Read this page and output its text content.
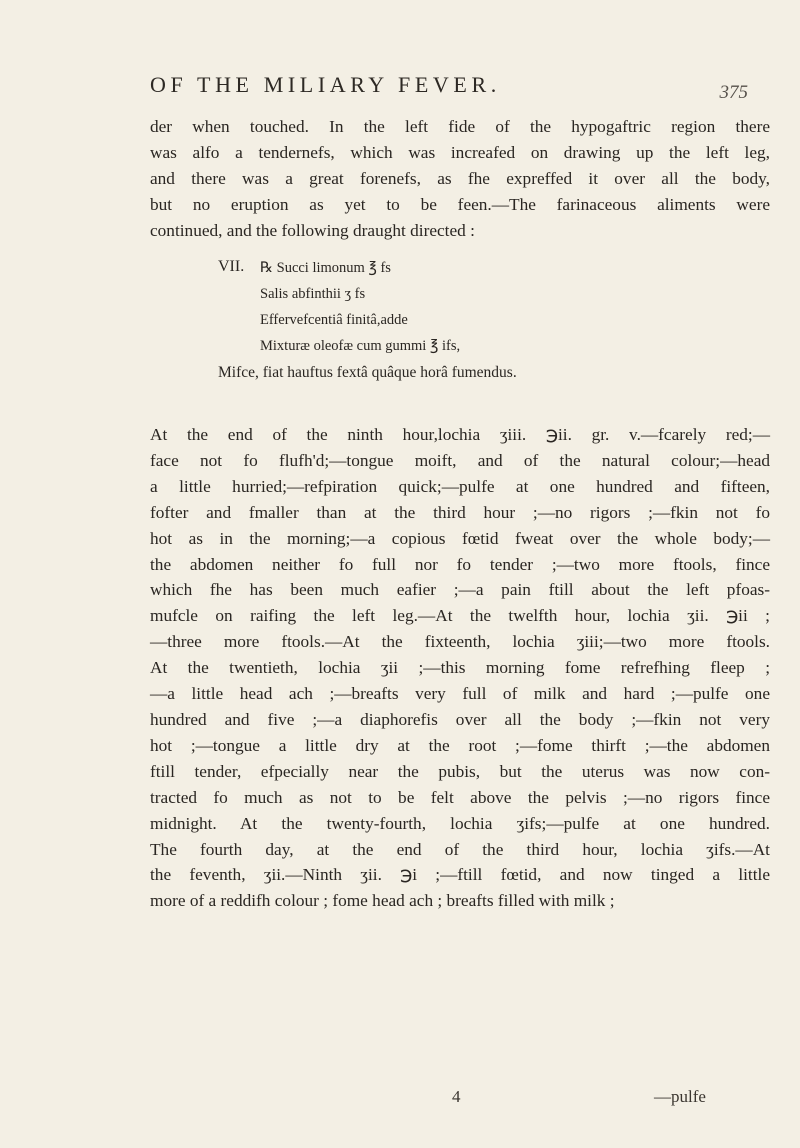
OF THE MILIARY FEVER.	375
der when touched. In the left fide of the hypogaftric region there
was alfo a tendernefs, which was increafed on drawing up the left leg,
and there was a great forenefs, as fhe expreffed it over all the body,
but no eruption as yet to be feen.—The farinaceous aliments were
continued, and the following draught directed :
VII. ℞ Succi limonum ℥ fs
Salis abfinthii ʒ fs
Effervefcentiâ finitâ,adde
Mixturæ oleofæ cum gummi ℥ ifs,
Mifce, fiat hauftus fextâ quâque horâ fumendus.
At the end of the ninth hour,lochia ʒiii. ℈ii. gr. v.—fcarely red;—
face not fo flufh'd;—tongue moift, and of the natural colour;—head
a little hurried;—refpiration quick;—pulfe at one hundred and fifteen,
fofter and fmaller than at the third hour ;—no rigors ;—fkin not fo
hot as in the morning;—a copious fœtid fweat over the whole body;—
the abdomen neither fo full nor fo tender ;—two more ftools, fince
which fhe has been much eafier ;—a pain ftill about the left pfoas-
mufcle on raifing the left leg.—At the twelfth hour, lochia ʒii. ℈ii ;
—three more ftools.—At the fixteenth, lochia ʒiii;—two more ftools.
At the twentieth, lochia ʒii ;—this morning fome refrefhing fleep ;
—a little head ach ;—breafts very full of milk and hard ;—pulfe one
hundred and five ;—a diaphorefis over all the body ;—fkin not very
hot ;—tongue a little dry at the root ;—fome thirft ;—the abdomen
ftill tender, efpecially near the pubis, but the uterus was now con-
tracted fo much as not to be felt above the pelvis ;—no rigors fince
midnight. At the twenty-fourth, lochia ʒifs;—pulfe at one hundred.
The fourth day, at the end of the third hour, lochia ʒifs.—At
the feventh, ʒii.—Ninth ʒii. ℈i ;—ftill fœtid, and now tinged a little
more of a reddifh colour ; fome head ach ; breafts filled with milk ;
4	—pulfe
